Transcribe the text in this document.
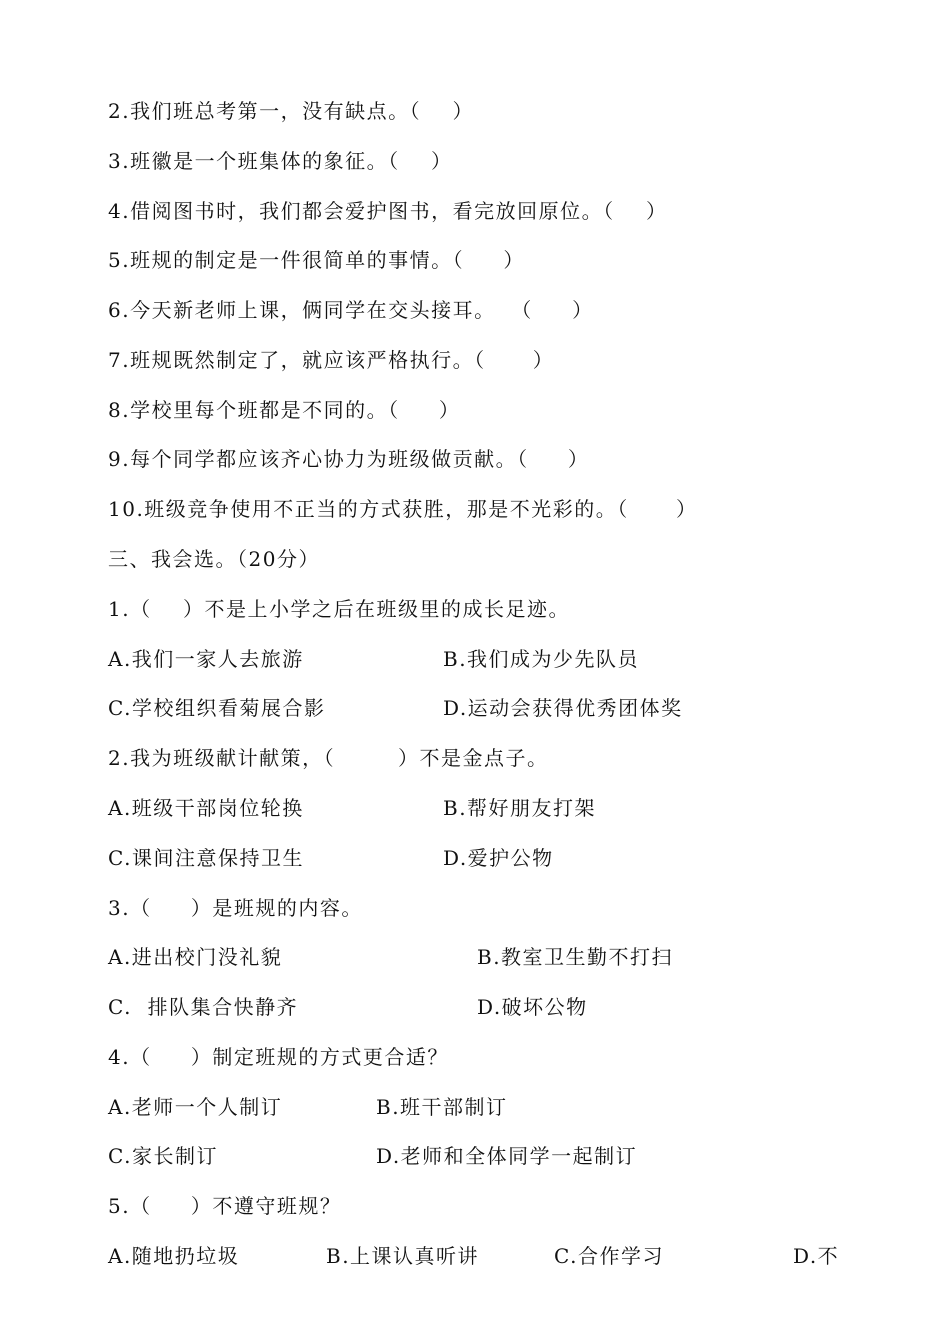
2.我们班总考第一，没有缺点。（    ）
3.班徽是一个班集体的象征。（    ）
4.借阅图书时，我们都会爱护图书，看完放回原位。（    ）
5.班规的制定是一件很简单的事情。（     ）
6.今天新老师上课，俩同学在交头接耳。  （     ）
7.班规既然制定了，就应该严格执行。（      ）
8.学校里每个班都是不同的。（     ）
9.每个同学都应该齐心协力为班级做贡献。（     ）
10.班级竞争使用不正当的方式获胜，那是不光彩的。（      ）
三、我会选。（20分）
1.（    ）不是上小学之后在班级里的成长足迹。
A.我们一家人去旅游	B.我们成为少先队员
C.学校组织看菊展合影	D.运动会获得优秀团体奖
2.我为班级献计献策，（        ）不是金点子。
A.班级干部岗位轮换	B.帮好朋友打架
C.课间注意保持卫生	D.爱护公物
3.（     ）是班规的内容。
A.进出校门没礼貌	B.教室卫生勤不打扫
C.  排队集合快静齐	D.破坏公物
4.（     ）制定班规的方式更合适？
A.老师一个人制订	B.班干部制订
C.家长制订	D.老师和全体同学一起制订
5.（     ）不遵守班规？
A.随地扔垃圾	B.上课认真听讲	C.合作学习	D.不
